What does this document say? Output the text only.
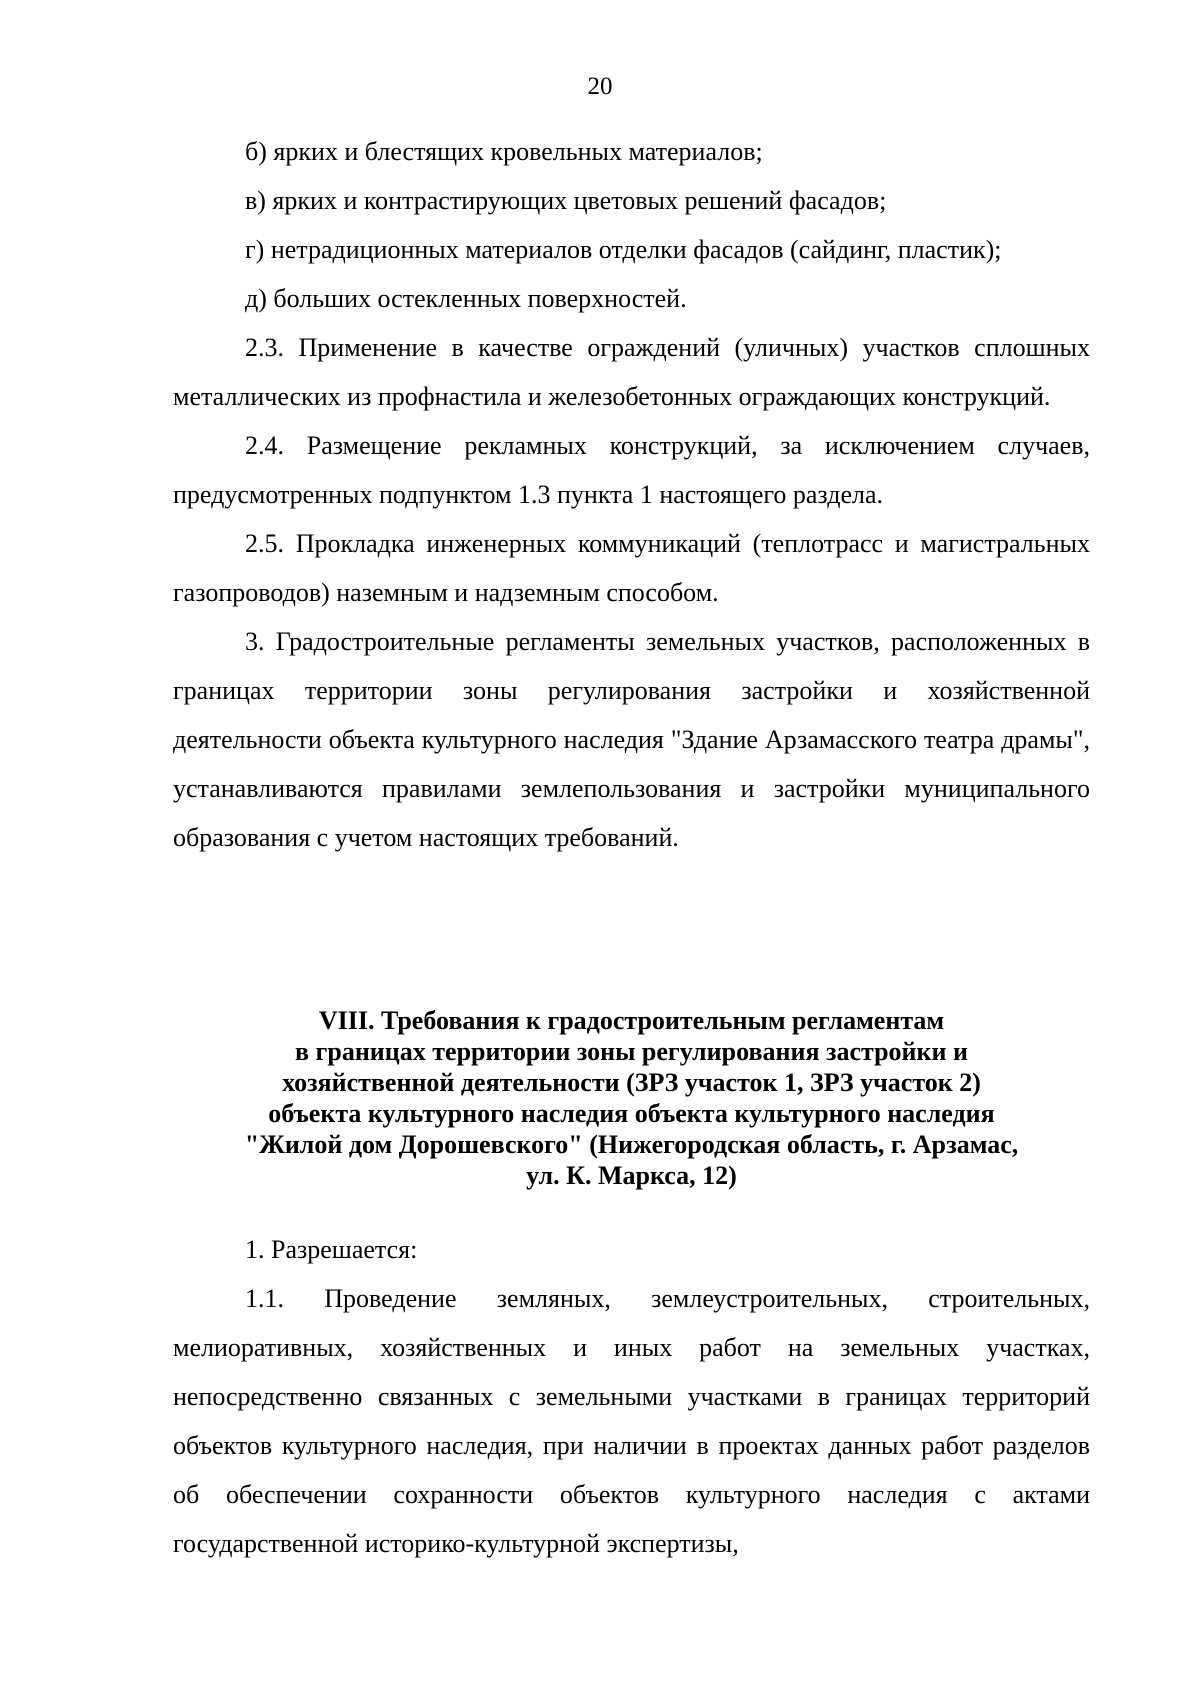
20

б) ярких и блестящих кровельных материалов;

в) ярких и контрастирующих цветовых решений фасадов;

г) нетрадиционных материалов отделки фасадов (сайдинг, пластик);

д) больших остекленных поверхностей.

2.3. Применение в качестве ограждений (уличных) участков сплошных металлических из профнастила и железобетонных ограждающих конструкций.

2.4. Размещение рекламных конструкций, за исключением случаев, предусмотренных подпунктом 1.3 пункта 1 настоящего раздела.

2.5. Прокладка инженерных коммуникаций (теплотрасс и магистральных газопроводов) наземным и надземным способом.

3. Градостроительные регламенты земельных участков, расположенных в границах территории зоны регулирования застройки и хозяйственной деятельности объекта культурного наследия "Здание Арзамасского театра драмы", устанавливаются правилами землепользования и застройки муниципального образования с учетом настоящих требований.

VIII. Требования к градостроительным регламентам
в границах территории зоны регулирования застройки и
хозяйственной деятельности (ЗРЗ участок 1, ЗРЗ участок 2)
объекта культурного наследия объекта культурного наследия
"Жилой дом Дорошевского" (Нижегородская область, г. Арзамас,
ул. К. Маркса, 12)

1. Разрешается:

1.1. Проведение земляных, землеустроительных, строительных, мелиоративных, хозяйственных и иных работ на земельных участках, непосредственно связанных с земельными участками в границах территорий объектов культурного наследия, при наличии в проектах данных работ разделов об обеспечении сохранности объектов культурного наследия с актами государственной историко-культурной экспертизы,
